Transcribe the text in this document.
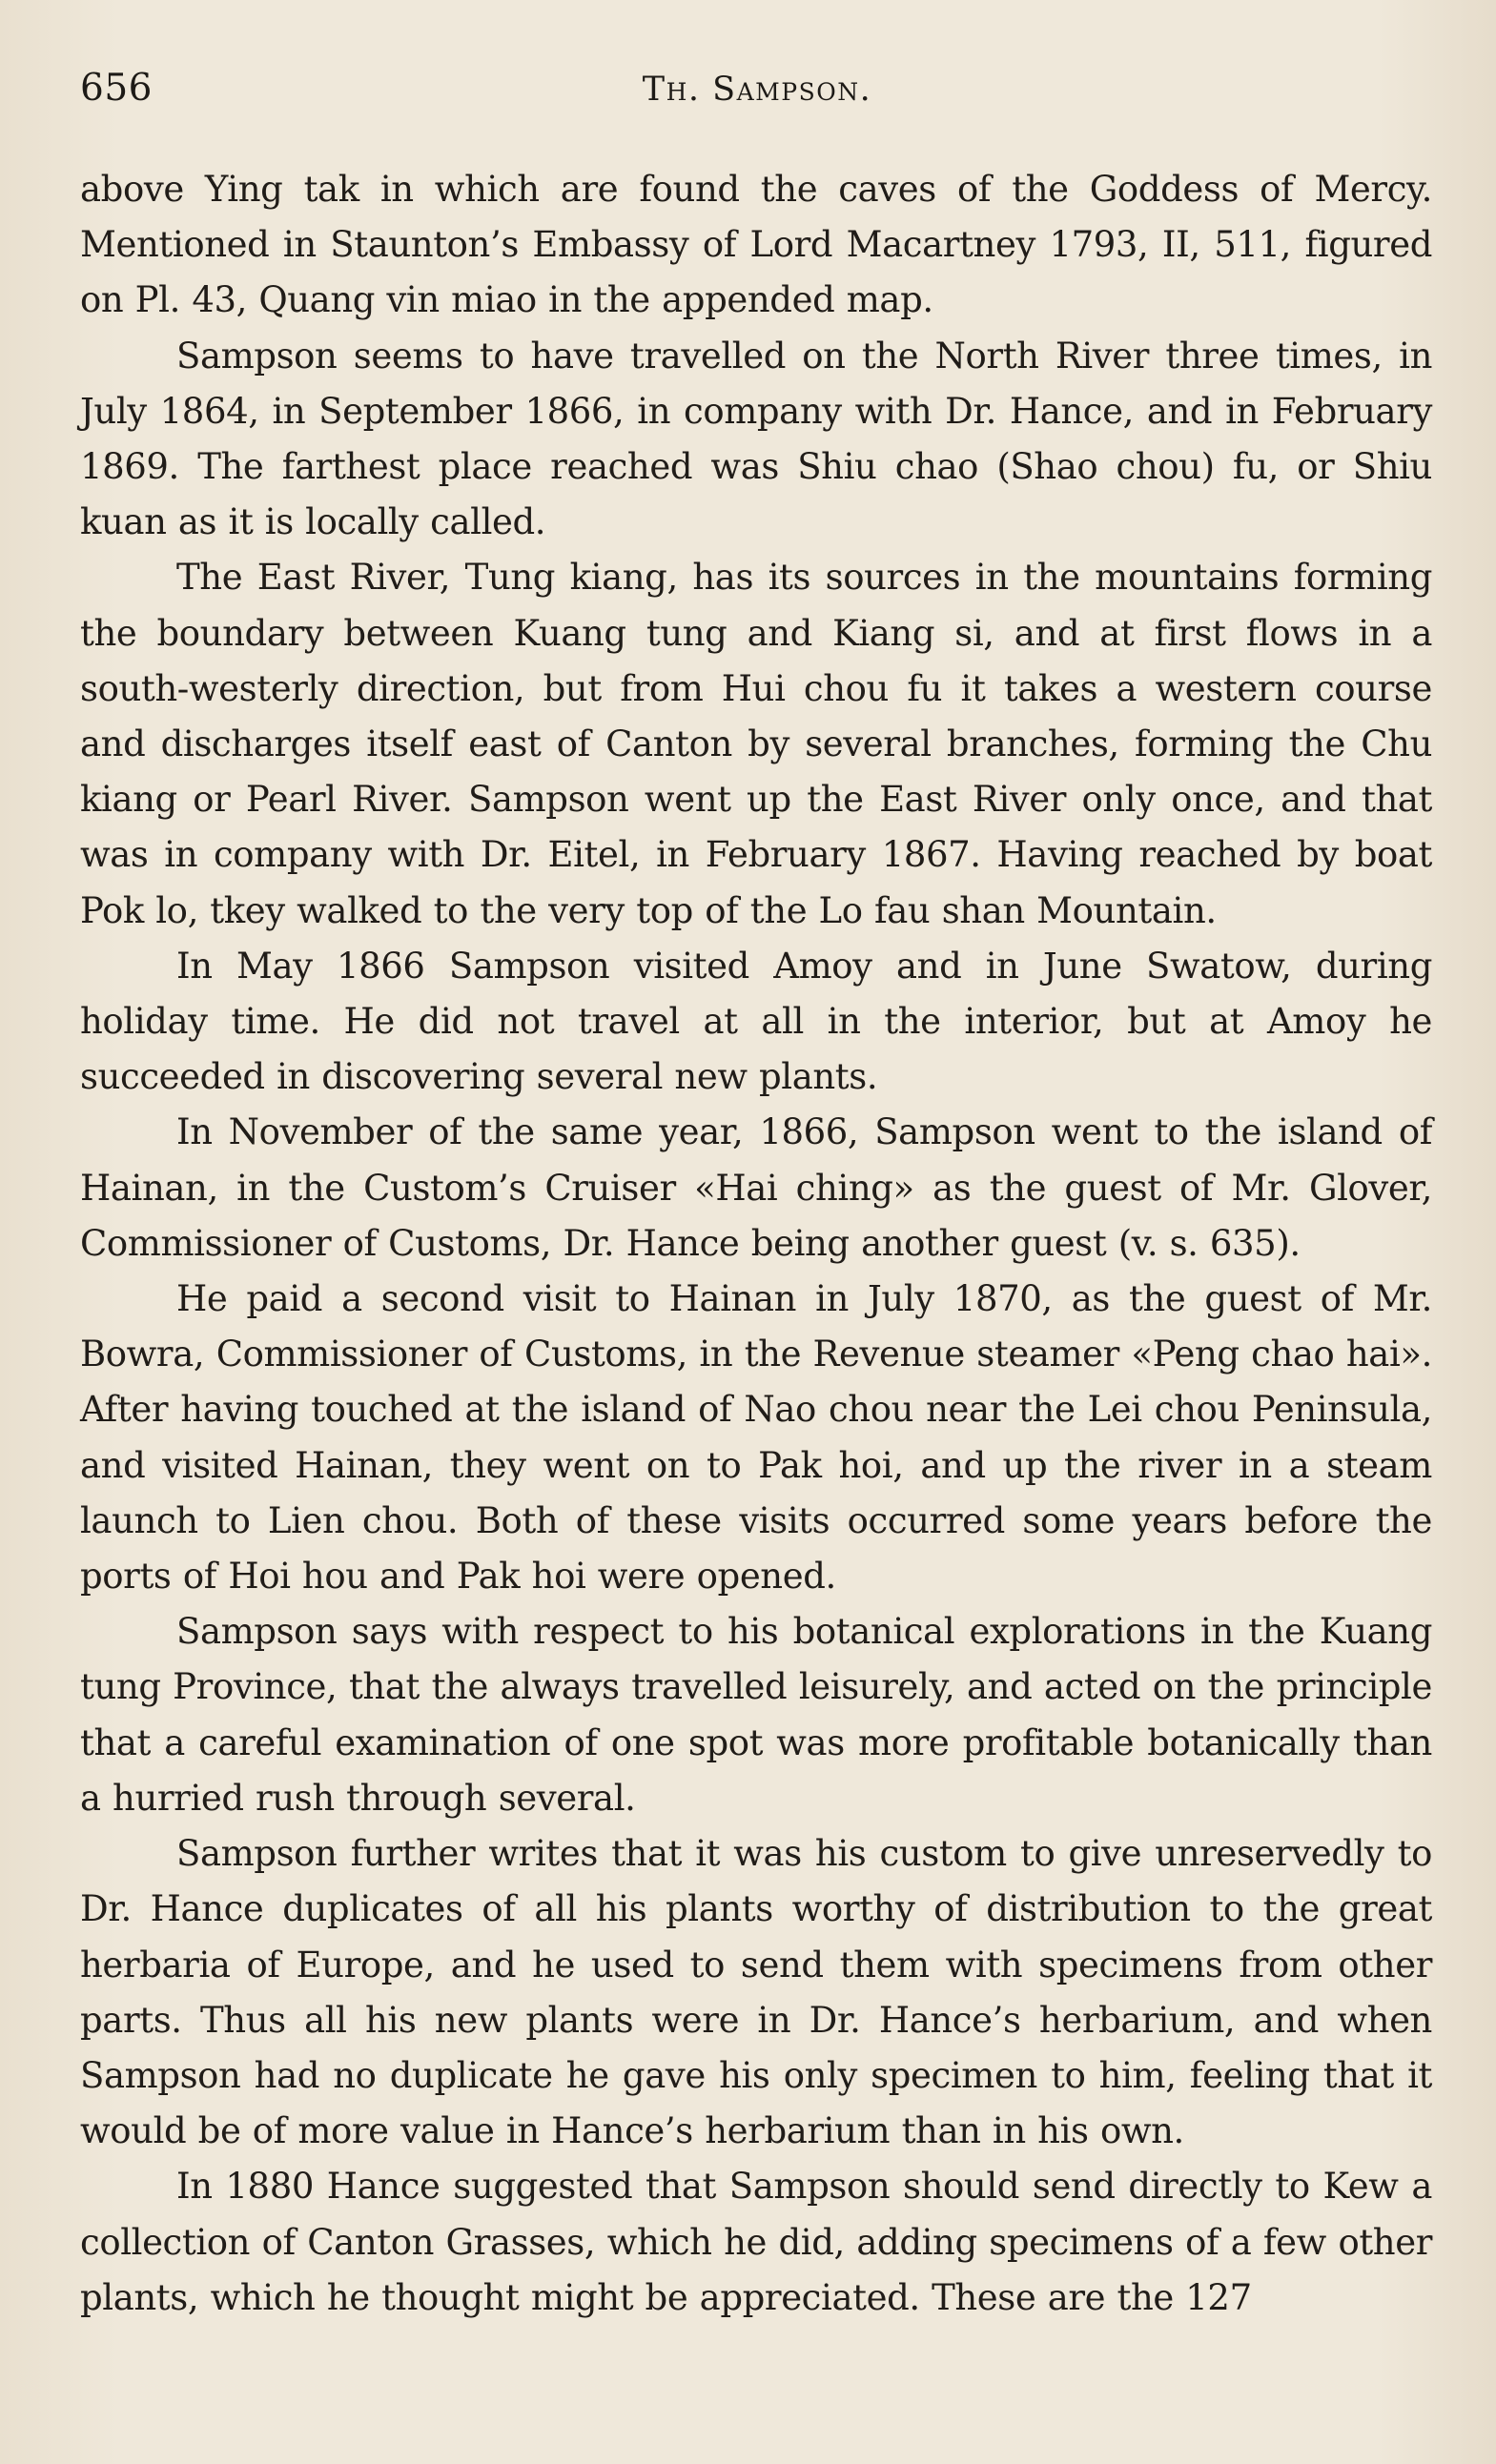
656	Th. Sampson.

above Ying tak in which are found the caves of the Goddess of Mercy. Mentioned in Staunton’s Embassy of Lord Macartney 1793, II, 511, figured on Pl. 43, Quang vin miao in the appended map.

Sampson seems to have travelled on the North River three times, in July 1864, in September 1866, in company with Dr. Hance, and in February 1869. The farthest place reached was Shiu chao (Shao chou) fu, or Shiu kuan as it is locally called.

The East River, Tung kiang, has its sources in the mountains forming the boundary between Kuang tung and Kiang si, and at first flows in a south-westerly direction, but from Hui chou fu it takes a western course and discharges itself east of Canton by several branches, forming the Chu kiang or Pearl River. Sampson went up the East River only once, and that was in company with Dr. Eitel, in February 1867. Having reached by boat Pok lo, tkey walked to the very top of the Lo fau shan Mountain.

In May 1866 Sampson visited Amoy and in June Swatow, during holiday time. He did not travel at all in the interior, but at Amoy he succeeded in discovering several new plants.

In November of the same year, 1866, Sampson went to the island of Hainan, in the Custom’s Cruiser «Hai ching» as the guest of Mr. Glover, Commissioner of Customs, Dr. Hance being another guest (v. s. 635).

He paid a second visit to Hainan in July 1870, as the guest of Mr. Bowra, Commissioner of Customs, in the Revenue steamer «Peng chao hai». After having touched at the island of Nao chou near the Lei chou Peninsula, and visited Hainan, they went on to Pak hoi, and up the river in a steam launch to Lien chou. Both of these visits occurred some years before the ports of Hoi hou and Pak hoi were opened.

Sampson says with respect to his botanical explorations in the Kuang tung Province, that the always travelled leisurely, and acted on the principle that a careful examination of one spot was more profitable botanically than a hurried rush through several.

Sampson further writes that it was his custom to give unreservedly to Dr. Hance duplicates of all his plants worthy of distribution to the great herbaria of Europe, and he used to send them with specimens from other parts. Thus all his new plants were in Dr. Hance’s herbarium, and when Sampson had no duplicate he gave his only specimen to him, feeling that it would be of more value in Hance’s herbarium than in his own.

In 1880 Hance suggested that Sampson should send directly to Kew a collection of Canton Grasses, which he did, adding specimens of a few other plants, which he thought might be appreciated. These are the 127
